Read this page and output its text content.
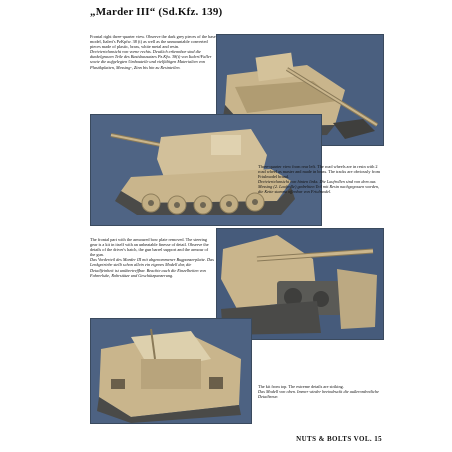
„Marder III“ (Sd.Kfz. 139)
Frontal right three-quarter view. Observe the dark grey pieces of the base model, Italeri's PzKpfw. 38 (t) as well as the unmountable converted pieces made of plastic, brass, white metal and resin.
Dreiviertelansicht von vorne rechts. Deutlich erkennbar sind die dunkelgrauen Teile des Basisbausatzes Pz.Kfw. 38(t) von Italeri/Faller sowie die aufgelegten Umbauteile und vielfältigen Materialien von Plastikplatten, Messing-, Zinn bis hin zu Resinteilen.
Three-quarter view from rear left. The road wheels are in resin with 2 road wheel as master and made in brass. The tracks are obviously from Friulmodel brand.
Dreiviertelansicht von hinten links. Die Laufrollen sind von dem aus Messing (2. Laufrolle) gedrehten Teil mit Resin nachgegossen worden, die Kette stammt offenbar von Friulmodel.
The frontal part with the armoured bow plate removed. The steering gear is a kit in itself with an unbeatable finesse of detail. Observe the details of the driver's hatch, the gun barrel support and the armour of the gun.
Das Vorderteil des Marder III mit abgenommener Bugpanzerplatte. Das Lenkgetriebe stellt schon allein ein eigenes Modell dar, die Detailfeinheit ist unübertreffbar. Beachte auch die Einzelheiten von Fahrerluke, Rohrstütze und Geschützpanzerung.
The kit from top. The extreme details are striking.
Das Modell von oben. Immer wieder beeindruckt die außerordentliche Detailtreue.
NUTS & BOLTS VOL. 15
